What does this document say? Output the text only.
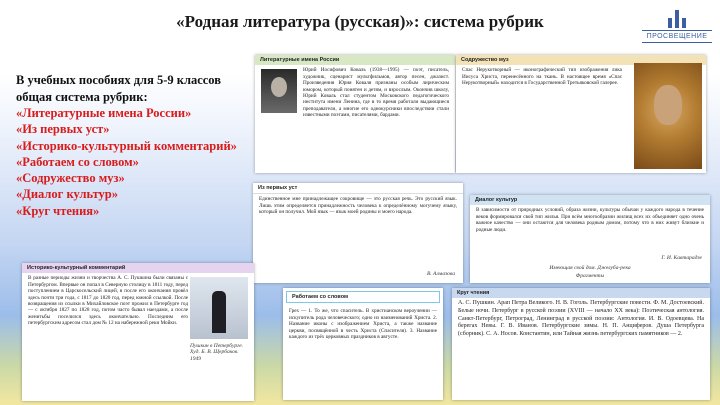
«Родная литература (русская)»: система рубрик
ПРОСВЕЩЕНИЕ
В учебных пособиях для 5-9 классов
общая система рубрик:
«Литературные имена России»
«Из первых уст»
«Историко-культурный комментарий»
«Работаем со словом»
«Содружество муз»
«Диалог культур»
«Круг чтения»
Литературные имена России
Юрий Иосифович Коваль (1938—1995) — поэт, писатель, художник, сценарист мультфильмов, автор песен, джазист. Произведения Юрия Коваля признаны особым лирическим юмором, который понятен и детям, и взрослым. Окончив школу, Юрий Коваль стал студентом Московского педагогического института имени Ленина, где в то время работали выдающиеся преподаватели, а многие его однокурсники впоследствии стали известными поэтами, писателями, бардами.
Содружество муз
Спас Нерукотворный — иконографический тип изображения лика Иисуса Христа, перенесённого на ткань. В настоящее время «Спас Нерукотворный» находится в Государственной Третьяковской галерее.
Из первых уст
Единственное мне принадлежащее сокровище — это русская речь. Это русский язык. Лишь этим определяется принадлежность человека к определённому могучему языку, который он получил. Мой язык — язык моей родины и моего народа.
В. Алмазова
Диалог культур
В зависимости от природных условий, образа жизни, культуры обычаи у каждого народа в течение веков формировался свой тип жилья. При всём многообразии жилищ всех их объединяет одно очень важное качество — они остаются для человека родным домом, потому что в них живут близкие и родные люди.
Г. И. Кавтарадзе
Имеющая свой дом. Джелуба-река
Фрагменты
Историко-культурный комментарий
В разные периоды жизни и творчества А. С. Пушкина были связаны с Петербургом. Впервые он попал в Северную столицу в 1811 году, перед поступлением в Царскосельский лицей, в после его окончания провёл здесь почти три года, с 1817 до 1820 год, перед южной ссылкой. После возвращения из ссылки в Михайловское поэт прожил в Петербурге год — с октября 1827 по 1828 год, потом часто бывал наездами, а после женитьбы поселился здесь окончательно. Последним его петербургским адресом стал дом № 12 на набережной реки Мойки.
Пушкин в Петербурге. Худ. Б. В. Щербаков. 1949
Работаем со словом
Грех — 1. То же, что спаситель. В христианском вероучении — искупитель рода человеческого; одно из наименований Христа. 2. Название иконы с изображением Христа, а также название церкви, посвящённой в честь Христа (Спасителя). 3. Название каждого из трёх церковных праздников в августе.
Круг чтения
А. С. Пушкин. Арап Петра Великого. Н. В. Гоголь. Петербургские повести. Ф. М. Достоевский. Белые ночи. Петербург в русской поэзии (XVIII — начало XX века): Поэтическая антология. Санкт-Петербург, Петроград, Ленинград в русской поэзии: Антология. И. В. Одоевцева. На берегах Невы. Г. В. Иванов. Петербургские зимы. Н. П. Анциферов. Душа Петербурга (сборник). С. А. Носов. Константин, или Тайная жизнь петербургских памятников — 2.
